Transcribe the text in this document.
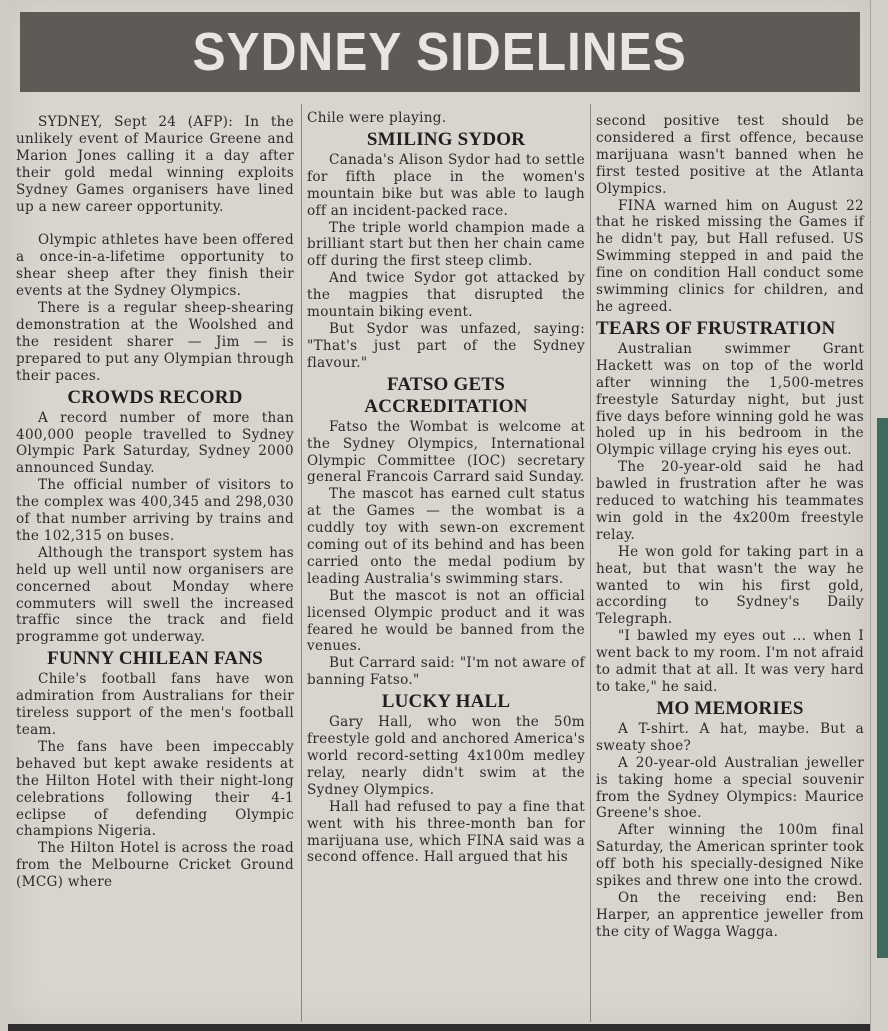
SYDNEY SIDELINES

SYDNEY, Sept 24 (AFP): In the unlikely event of Maurice Greene and Marion Jones calling it a day after their gold medal winning exploits Sydney Games organisers have lined up a new career opportunity.

Olympic athletes have been offered a once-in-a-lifetime opportunity to shear sheep after they finish their events at the Sydney Olympics.

There is a regular sheep-shearing demonstration at the Woolshed and the resident sharer — Jim — is prepared to put any Olympian through their paces.

CROWDS RECORD

A record number of more than 400,000 people travelled to Sydney Olympic Park Saturday, Sydney 2000 announced Sunday.

The official number of visitors to the complex was 400,345 and 298,030 of that number arriving by trains and the 102,315 on buses.

Although the transport system has held up well until now organisers are concerned about Monday where commuters will swell the increased traffic since the track and field programme got underway.

FUNNY CHILEAN FANS

Chile's football fans have won admiration from Australians for their tireless support of the men's football team.

The fans have been impeccably behaved but kept awake residents at the Hilton Hotel with their night-long celebrations following their 4-1 eclipse of defending Olympic champions Nigeria.

The Hilton Hotel is across the road from the Melbourne Cricket Ground (MCG) where

Chile were playing.

SMILING SYDOR

Canada's Alison Sydor had to settle for fifth place in the women's mountain bike but was able to laugh off an incident-packed race.

The triple world champion made a brilliant start but then her chain came off during the first steep climb.

And twice Sydor got attacked by the magpies that disrupted the mountain biking event.

But Sydor was unfazed, saying: "That's just part of the Sydney flavour."

FATSO GETS
ACCREDITATION

Fatso the Wombat is welcome at the Sydney Olympics, International Olympic Committee (IOC) secretary general Francois Carrard said Sunday.

The mascot has earned cult status at the Games — the wombat is a cuddly toy with sewn-on excrement coming out of its behind and has been carried onto the medal podium by leading Australia's swimming stars.

But the mascot is not an official licensed Olympic product and it was feared he would be banned from the venues.

But Carrard said: "I'm not aware of banning Fatso."

LUCKY HALL

Gary Hall, who won the 50m freestyle gold and anchored America's world record-setting 4x100m medley relay, nearly didn't swim at the Sydney Olympics.

Hall had refused to pay a fine that went with his three-month ban for marijuana use, which FINA said was a second offence. Hall argued that his

second positive test should be considered a first offence, because marijuana wasn't banned when he first tested positive at the Atlanta Olympics.

FINA warned him on August 22 that he risked missing the Games if he didn't pay, but Hall refused. US Swimming stepped in and paid the fine on condition Hall conduct some swimming clinics for children, and he agreed.

TEARS OF FRUSTRATION

Australian swimmer Grant Hackett was on top of the world after winning the 1,500-metres freestyle Saturday night, but just five days before winning gold he was holed up in his bedroom in the Olympic village crying his eyes out.

The 20-year-old said he had bawled in frustration after he was reduced to watching his teammates win gold in the 4x200m freestyle relay.

He won gold for taking part in a heat, but that wasn't the way he wanted to win his first gold, according to Sydney's Daily Telegraph.

"I bawled my eyes out ... when I went back to my room. I'm not afraid to admit that at all. It was very hard to take," he said.

MO MEMORIES

A T-shirt. A hat, maybe. But a sweaty shoe?

A 20-year-old Australian jeweller is taking home a special souvenir from the Sydney Olympics: Maurice Greene's shoe.

After winning the 100m final Saturday, the American sprinter took off both his specially-designed Nike spikes and threw one into the crowd.

On the receiving end: Ben Harper, an apprentice jeweller from the city of Wagga Wagga.
